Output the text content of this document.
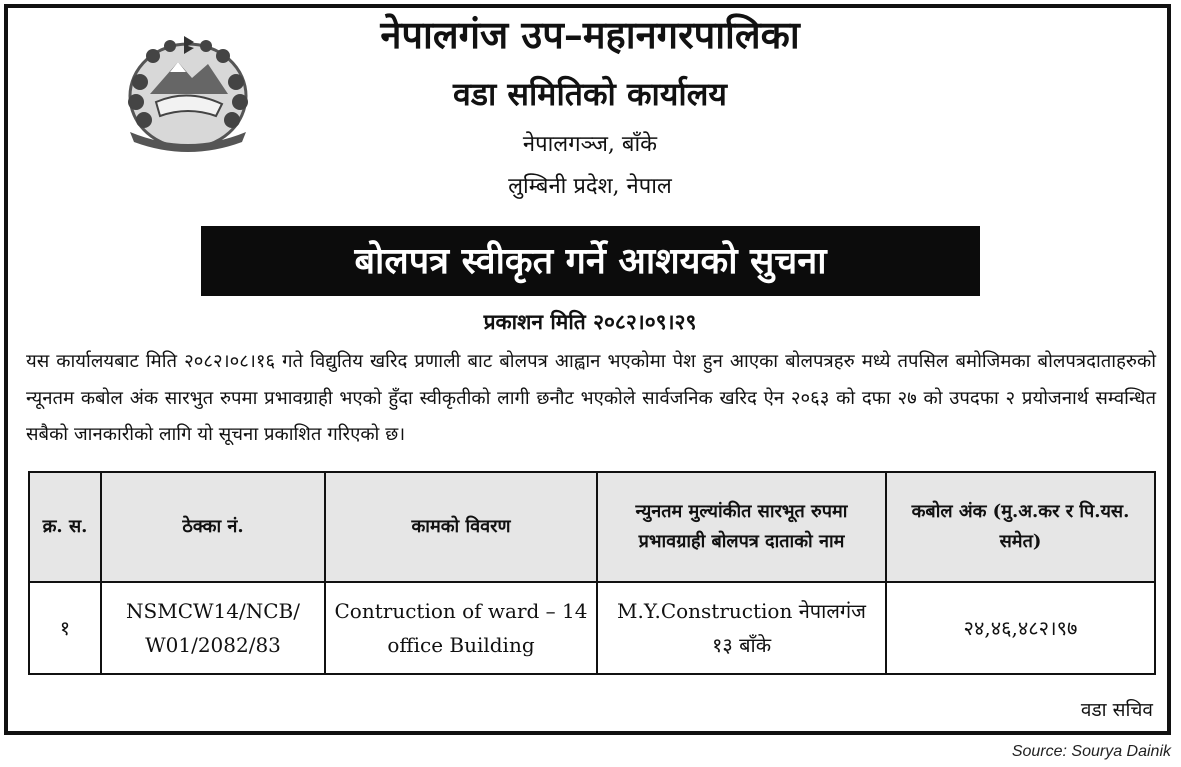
नेपालगंज उप–महानगरपालिका
वडा समितिको कार्यालय
नेपालगञ्ज, बाँके
लुम्बिनी प्रदेश, नेपाल
बोलपत्र स्वीकृत गर्ने आशयको सुचना
प्रकाशन मिति २०८२।०९।२९
यस कार्यालयबाट मिति २०८२।०८।१६ गते विद्युतिय खरिद प्रणाली बाट बोलपत्र आह्वान भएकोमा पेश हुन आएका बोलपत्रहरु मध्ये तपसिल बमोजिमका बोलपत्रदाताहरुको न्यूनतम कबोल अंक सारभुत रुपमा प्रभावग्राही भएको हुँदा स्वीकृतीको लागी छनौट भएकोले सार्वजनिक खरिद ऐन २०६३ को दफा २७ को उपदफा २ प्रयोजनार्थ सम्वन्धित सबैको जानकारीको लागि यो सूचना प्रकाशित गरिएको छ।
क्र. स.	ठेक्का नं.	कामको विवरण	न्युनतम मुल्यांकीत सारभूत रुपमा प्रभावग्राही बोलपत्र दाताको नाम	कबोल अंक (मु.अ.कर र पि.यस. समेत)
१	NSMCW14/NCB/ W01/2082/83	Contruction of ward – 14 office Building	M.Y.Construction नेपालगंज १३ बाँके	२४,४६,४८२।९७
वडा सचिव
Source: Sourya Dainik
